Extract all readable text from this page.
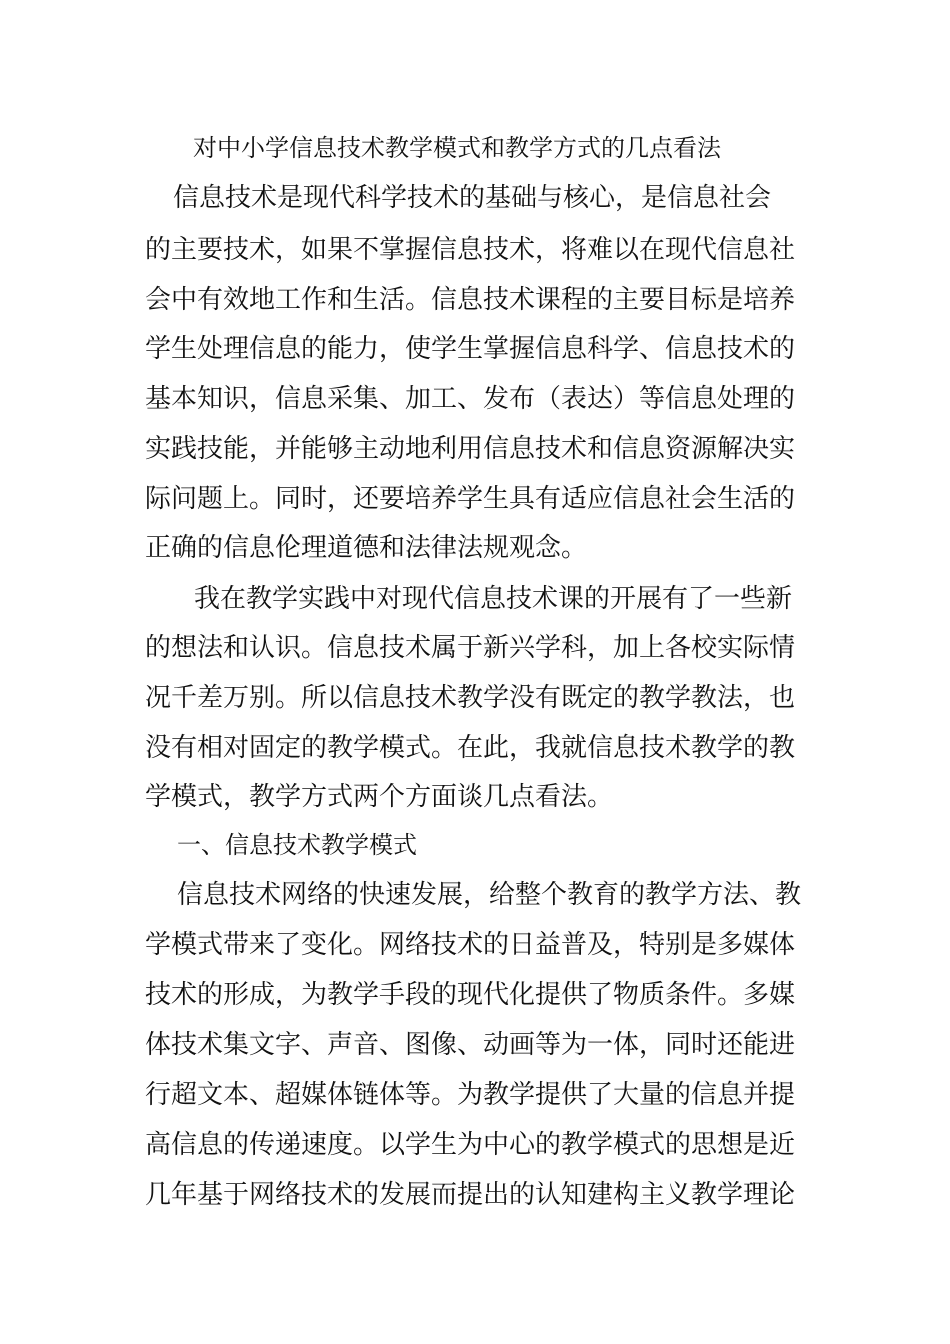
对中小学信息技术教学模式和教学方式的几点看法

信息技术是现代科学技术的基础与核心，是信息社会

的主要技术，如果不掌握信息技术，将难以在现代信息社

会中有效地工作和生活。信息技术课程的主要目标是培养

学生处理信息的能力，使学生掌握信息科学、信息技术的

基本知识，信息采集、加工、发布（表达）等信息处理的

实践技能，并能够主动地利用信息技术和信息资源解决实

际问题上。同时，还要培养学生具有适应信息社会生活的

正确的信息伦理道德和法律法规观念。

我在教学实践中对现代信息技术课的开展有了一些新

的想法和认识。信息技术属于新兴学科，加上各校实际情

况千差万别。所以信息技术教学没有既定的教学教法，也

没有相对固定的教学模式。在此，我就信息技术教学的教

学模式，教学方式两个方面谈几点看法。

一、信息技术教学模式

信息技术网络的快速发展，给整个教育的教学方法、教

学模式带来了变化。网络技术的日益普及，特别是多媒体

技术的形成，为教学手段的现代化提供了物质条件。多媒

体技术集文字、声音、图像、动画等为一体，同时还能进

行超文本、超媒体链体等。为教学提供了大量的信息并提

高信息的传递速度。以学生为中心的教学模式的思想是近

几年基于网络技术的发展而提出的认知建构主义教学理论
